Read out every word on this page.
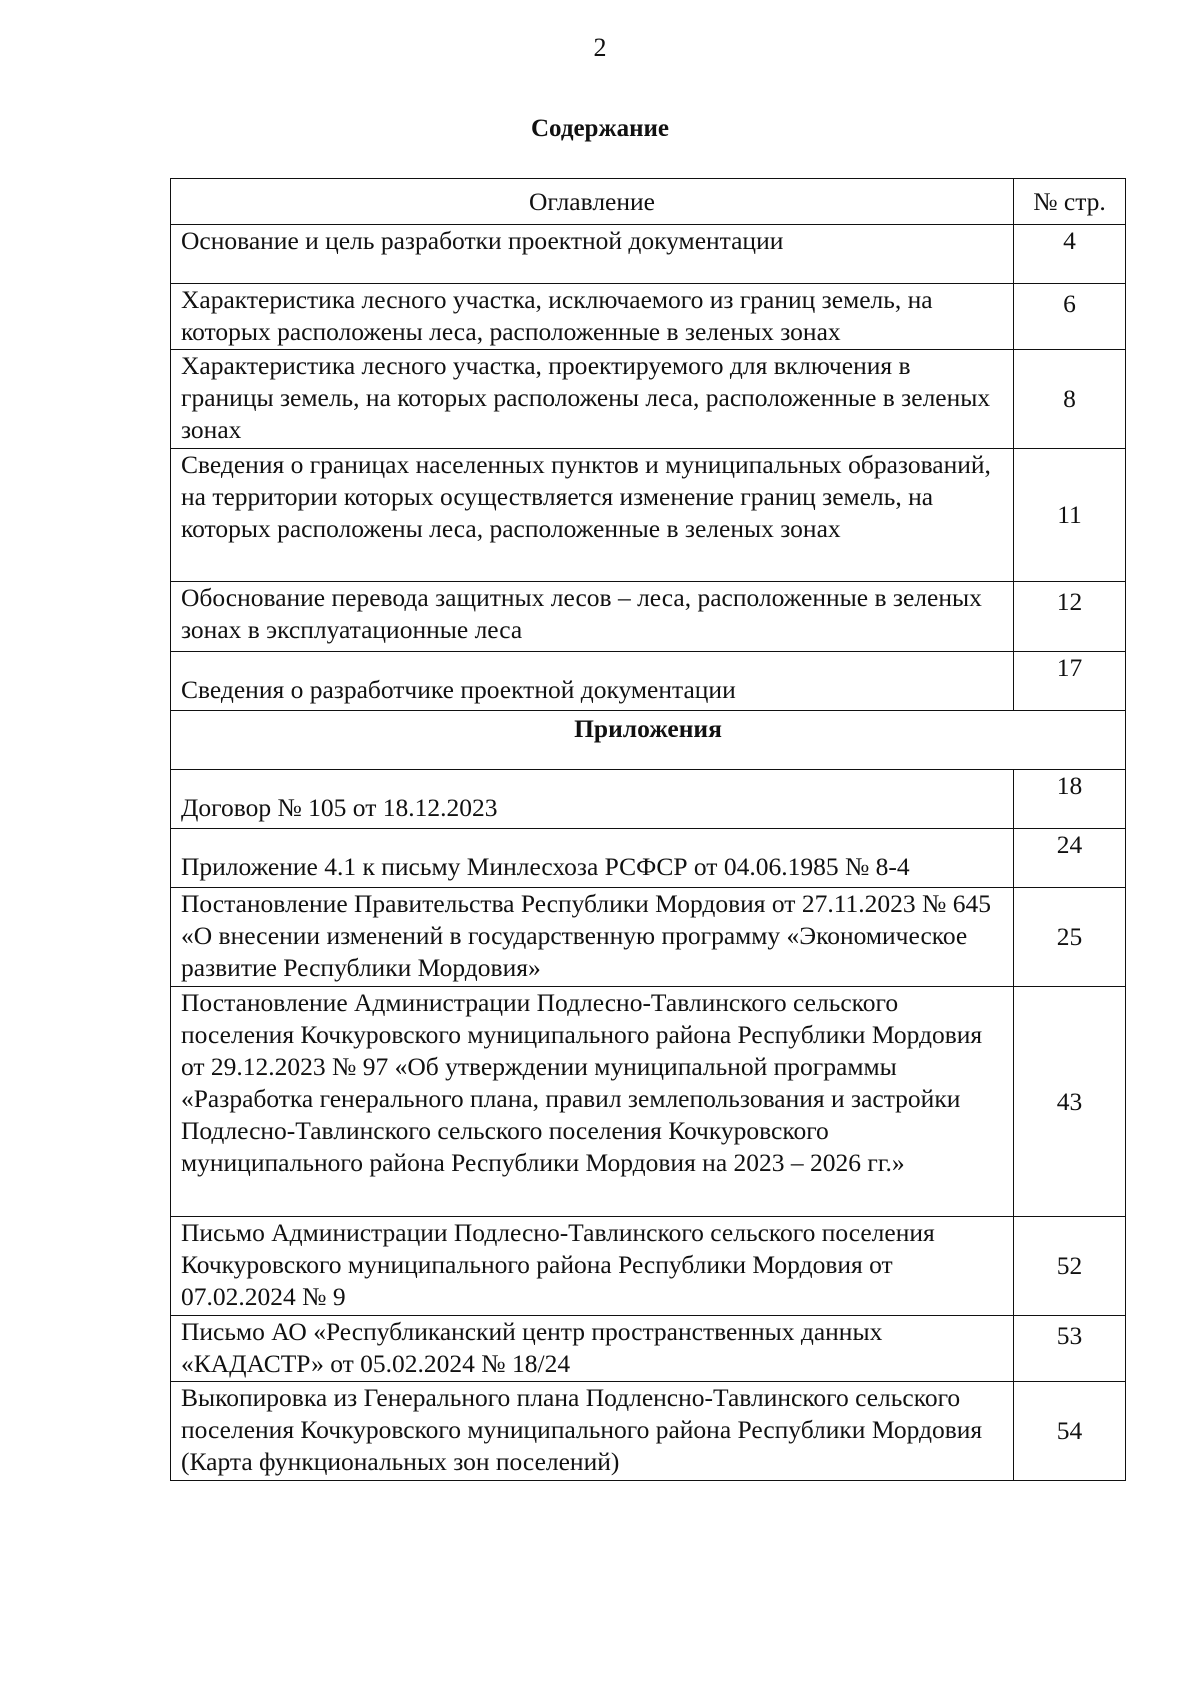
2
Содержание
Оглавление	№ стр.
Основание и цель разработки проектной документации	4
Характеристика лесного участка, исключаемого из границ земель, на которых расположены леса, расположенные в зеленых зонах	6
Характеристика лесного участка, проектируемого для включения в границы земель, на которых расположены леса, расположенные в зеленых зонах	8
Сведения о границах населенных пунктов и муниципальных образований, на территории которых осуществляется изменение границ земель, на которых расположены леса, расположенные в зеленых зонах	11
Обоснование перевода защитных лесов – леса, расположенные в зеленых зонах в эксплуатационные леса	12
Сведения о разработчике проектной документации	17
Приложения	
Договор № 105 от 18.12.2023	18
Приложение 4.1 к письму Минлесхоза РСФСР от 04.06.1985 № 8-4	24
Постановление Правительства Республики Мордовия от 27.11.2023 № 645 «О внесении изменений в государственную программу «Экономическое развитие Республики Мордовия»	25
Постановление Администрации Подлесно-Тавлинского сельского поселения Кочкуровского муниципального района Республики Мордовия от 29.12.2023 № 97 «Об утверждении муниципальной программы «Разработка генерального плана, правил землепользования и застройки Подлесно-Тавлинского сельского поселения Кочкуровского муниципального района Республики Мордовия на 2023 – 2026 гг.»	43
Письмо Администрации Подлесно-Тавлинского сельского поселения Кочкуровского муниципального района Республики Мордовия от 07.02.2024 № 9	52
Письмо АО «Республиканский центр пространственных данных «КАДАСТР» от 05.02.2024 № 18/24	53
Выкопировка из Генерального плана Подленсно-Тавлинского сельского поселения Кочкуровского муниципального района Республики Мордовия (Карта функциональных зон поселений)	54
